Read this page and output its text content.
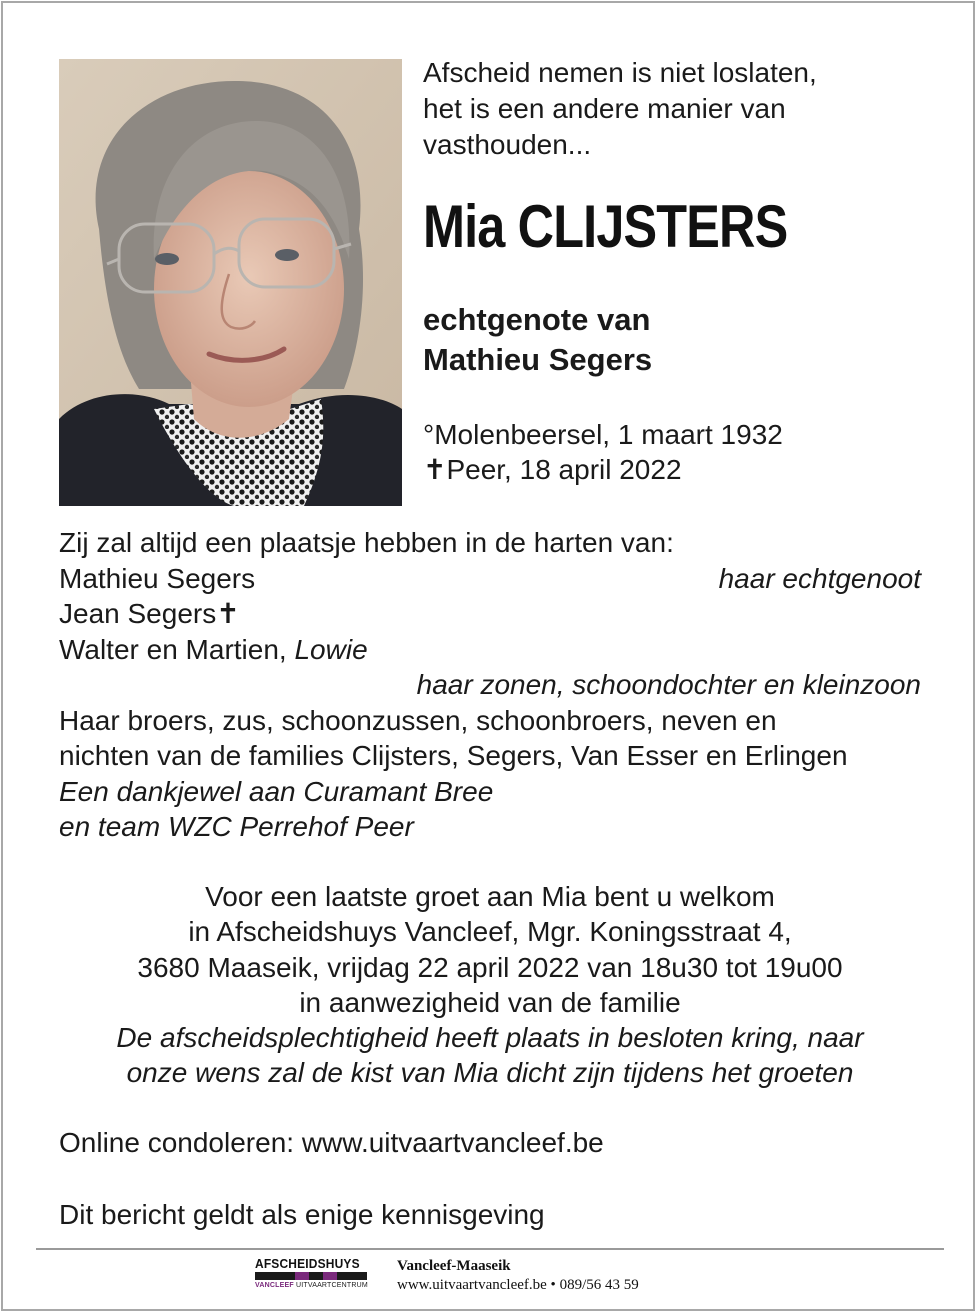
Afscheid nemen is niet loslaten,
het is een andere manier van
vasthouden...
Mia CLIJSTERS
echtgenote van
Mathieu Segers
°Molenbeersel, 1 maart 1932
✝Peer, 18 april 2022
Zij zal altijd een plaatsje hebben in de harten van:
Mathieu Segers	haar echtgenoot
Jean Segers✝
Walter en Martien, Lowie
haar zonen, schoondochter en kleinzoon
Haar broers, zus, schoonzussen, schoonbroers, neven en
nichten van de families Clijsters, Segers, Van Esser en Erlingen
Een dankjewel aan Curamant Bree
en team WZC Perrehof Peer
Voor een laatste groet aan Mia bent u welkom
in Afscheidshuys Vancleef, Mgr. Koningsstraat 4,
3680 Maaseik, vrijdag 22 april 2022 van 18u30 tot 19u00
in aanwezigheid van de familie
De afscheidsplechtigheid heeft plaats in besloten kring, naar
onze wens zal de kist van Mia dicht zijn tijdens het groeten
Online condoleren: www.uitvaartvancleef.be
Dit bericht geldt als enige kennisgeving
AFSCHEIDSHUYS
VANCLEEF UITVAARTCENTRUM
Vancleef-Maaseik
www.uitvaartvancleef.be • 089/56 43 59
